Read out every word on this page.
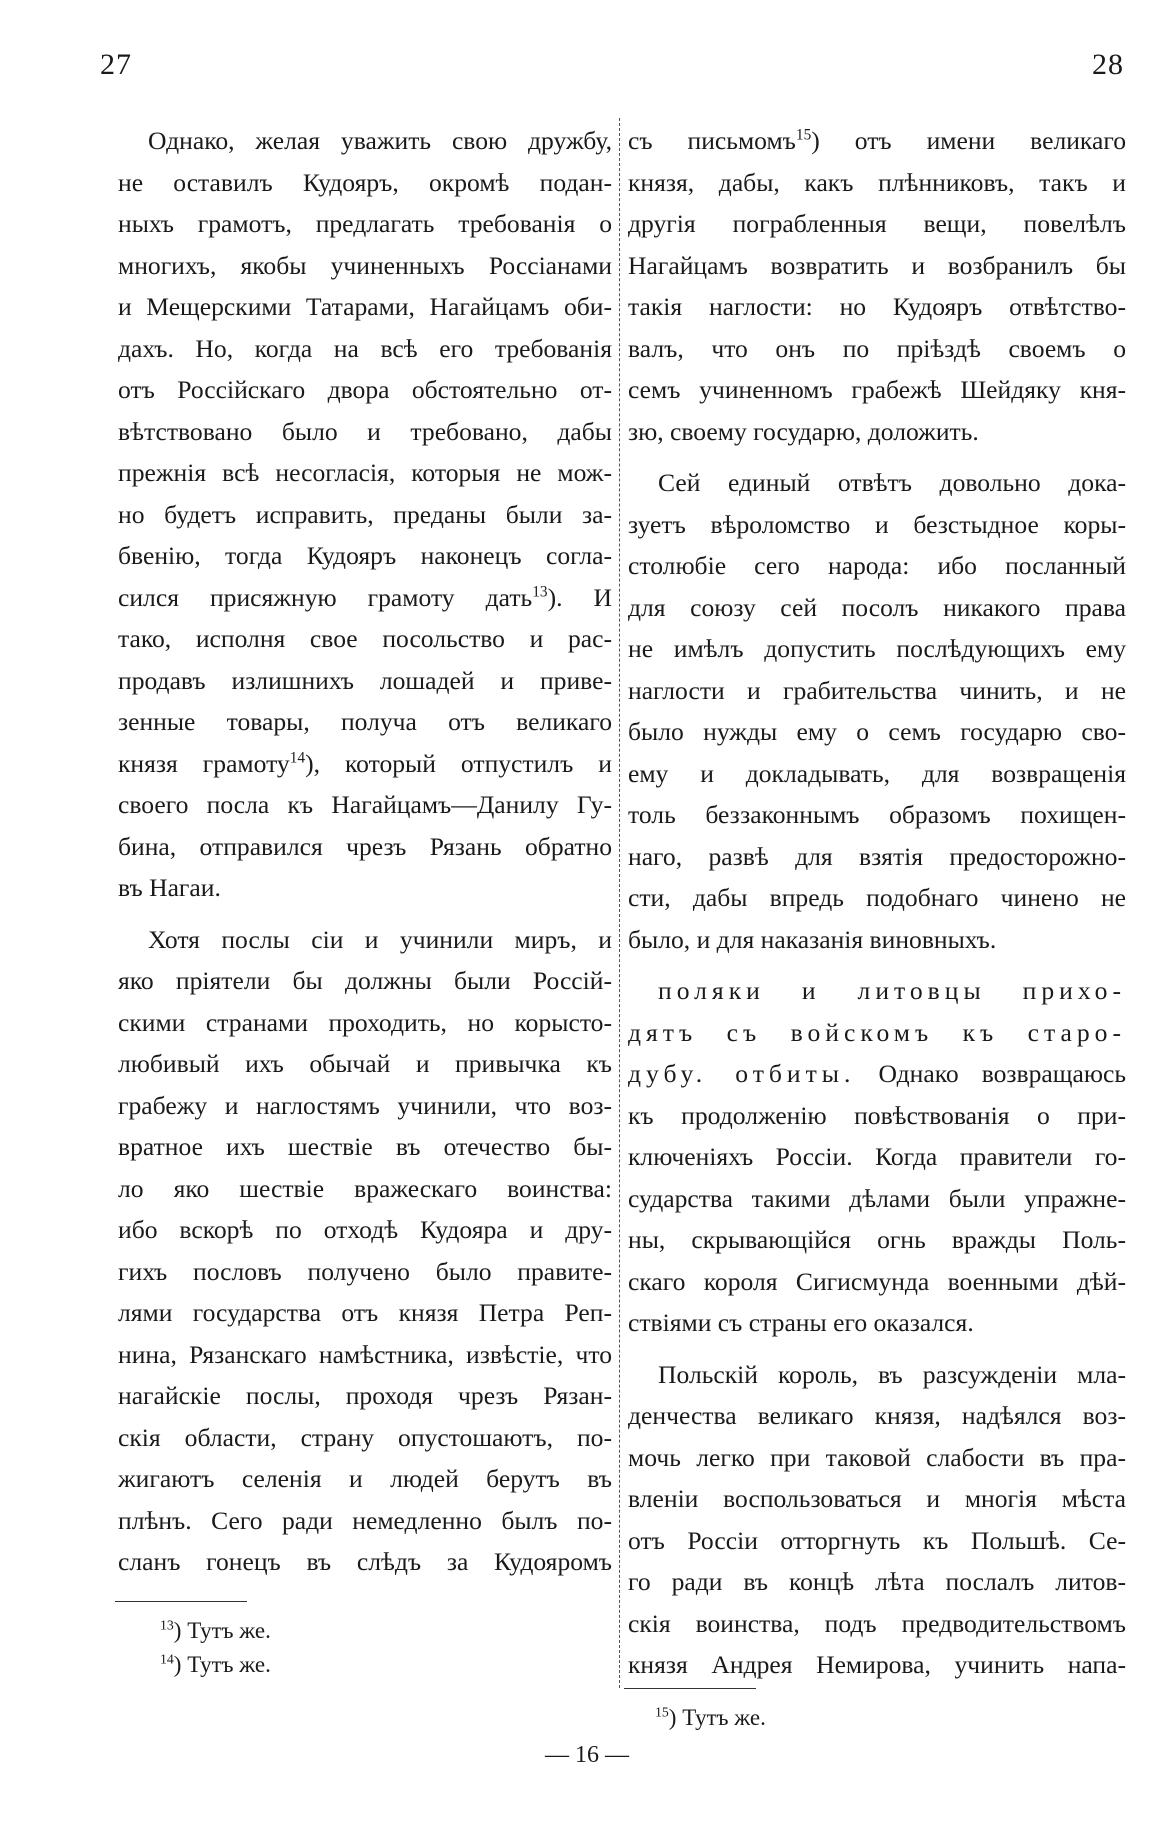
27	28
Однако, желая уважить свою дружбу,
не оставилъ Кудояръ, окромѣ подан-
ныхъ грамотъ, предлагать требованія о
многихъ, якобы учиненныхъ Россіанами
и Мещерскими Татарами, Нагайцамъ оби-
дахъ. Но, когда на всѣ его требованія
отъ Россійскаго двора обстоятельно от-
вѣтствовано было и требовано, дабы
прежнія всѣ несогласія, которыя не мож-
но будетъ исправить, преданы были за-
бвенію, тогда Кудояръ наконецъ согла-
сился присяжную грамоту дать$^{13}$). И
тако, исполня свое посольство и рас-
продавъ излишнихъ лошадей и приве-
зенные товары, получа отъ великаго
князя грамоту$^{14}$), который отпустилъ и
своего посла къ Нагайцамъ—Данилу Гу-
бина, отправился чрезъ Рязань обратно
въ Нагаи.
Хотя послы сіи и учинили миръ, и
яко пріятели бы должны были Россій-
скими странами проходить, но корысто-
любивый ихъ обычай и привычка къ
грабежу и наглостямъ учинили, что воз-
вратное ихъ шествіе въ отечество бы-
ло яко шествіе вражескаго воинства:
ибо вскорѣ по отходѣ Кудояра и дру-
гихъ пословъ получено было правите-
лями государства отъ князя Петра Реп-
нина, Рязанскаго намѣстника, извѣстіе, что
нагайскіе послы, проходя чрезъ Рязан-
скія области, страну опустошаютъ, по-
жигаютъ селенія и людей берутъ въ
плѣнъ. Сего ради немедленно былъ по-
сланъ гонецъ въ слѣдъ за Кудояромъ
съ письмомъ$^{15}$) отъ имени великаго
князя, дабы, какъ плѣнниковъ, такъ и
другія пограбленныя вещи, повелѣлъ
Нагайцамъ возвратить и возбранилъ бы
такія наглости: но Кудояръ отвѣтство-
валъ, что онъ по пріѣздѣ своемъ о
семъ учиненномъ грабежѣ Шейдяку кня-
зю, своему государю, доложить.
Сей единый отвѣтъ довольно дока-
зуетъ вѣроломство и безстыдное коры-
столюбіе сего народа: ибо посланный
для союзу сей посолъ никакого права
не имѣлъ допустить послѣдующихъ ему
наглости и грабительства чинить, и не
было нужды ему о семъ государю сво-
ему и докладывать, для возвращенія
толь беззаконнымъ образомъ похищен-
наго, развѣ для взятія предосторожно-
сти, дабы впредь подобнаго чинено не
было, и для наказанія виновныхъ.
поляки и литовцы прихо-
дятъ съ войскомъ къ старо-
дубу. отбиты. Однако возвращаюсь
къ продолженію повѣствованія о при-
ключеніяхъ Россіи. Когда правители го-
сударства такими дѣлами были упражне-
ны, скрывающійся огнь вражды Поль-
скаго короля Сигисмунда военными дѣй-
ствіями съ страны его оказался.
Польскій король, въ разсужденіи мла-
денчества великаго князя, надѣялся воз-
мочь легко при таковой слабости въ пра-
вленіи воспользоваться и многія мѣста
отъ Россіи отторгнуть къ Польшѣ. Се-
го ради въ концѣ лѣта послалъ литов-
скія воинства, подъ предводительствомъ
князя Андрея Немирова, учинить напа-
$^{13}$) Тутъ же.
$^{14}$) Тутъ же.
$^{15}$) Тутъ же.
— 16 —
